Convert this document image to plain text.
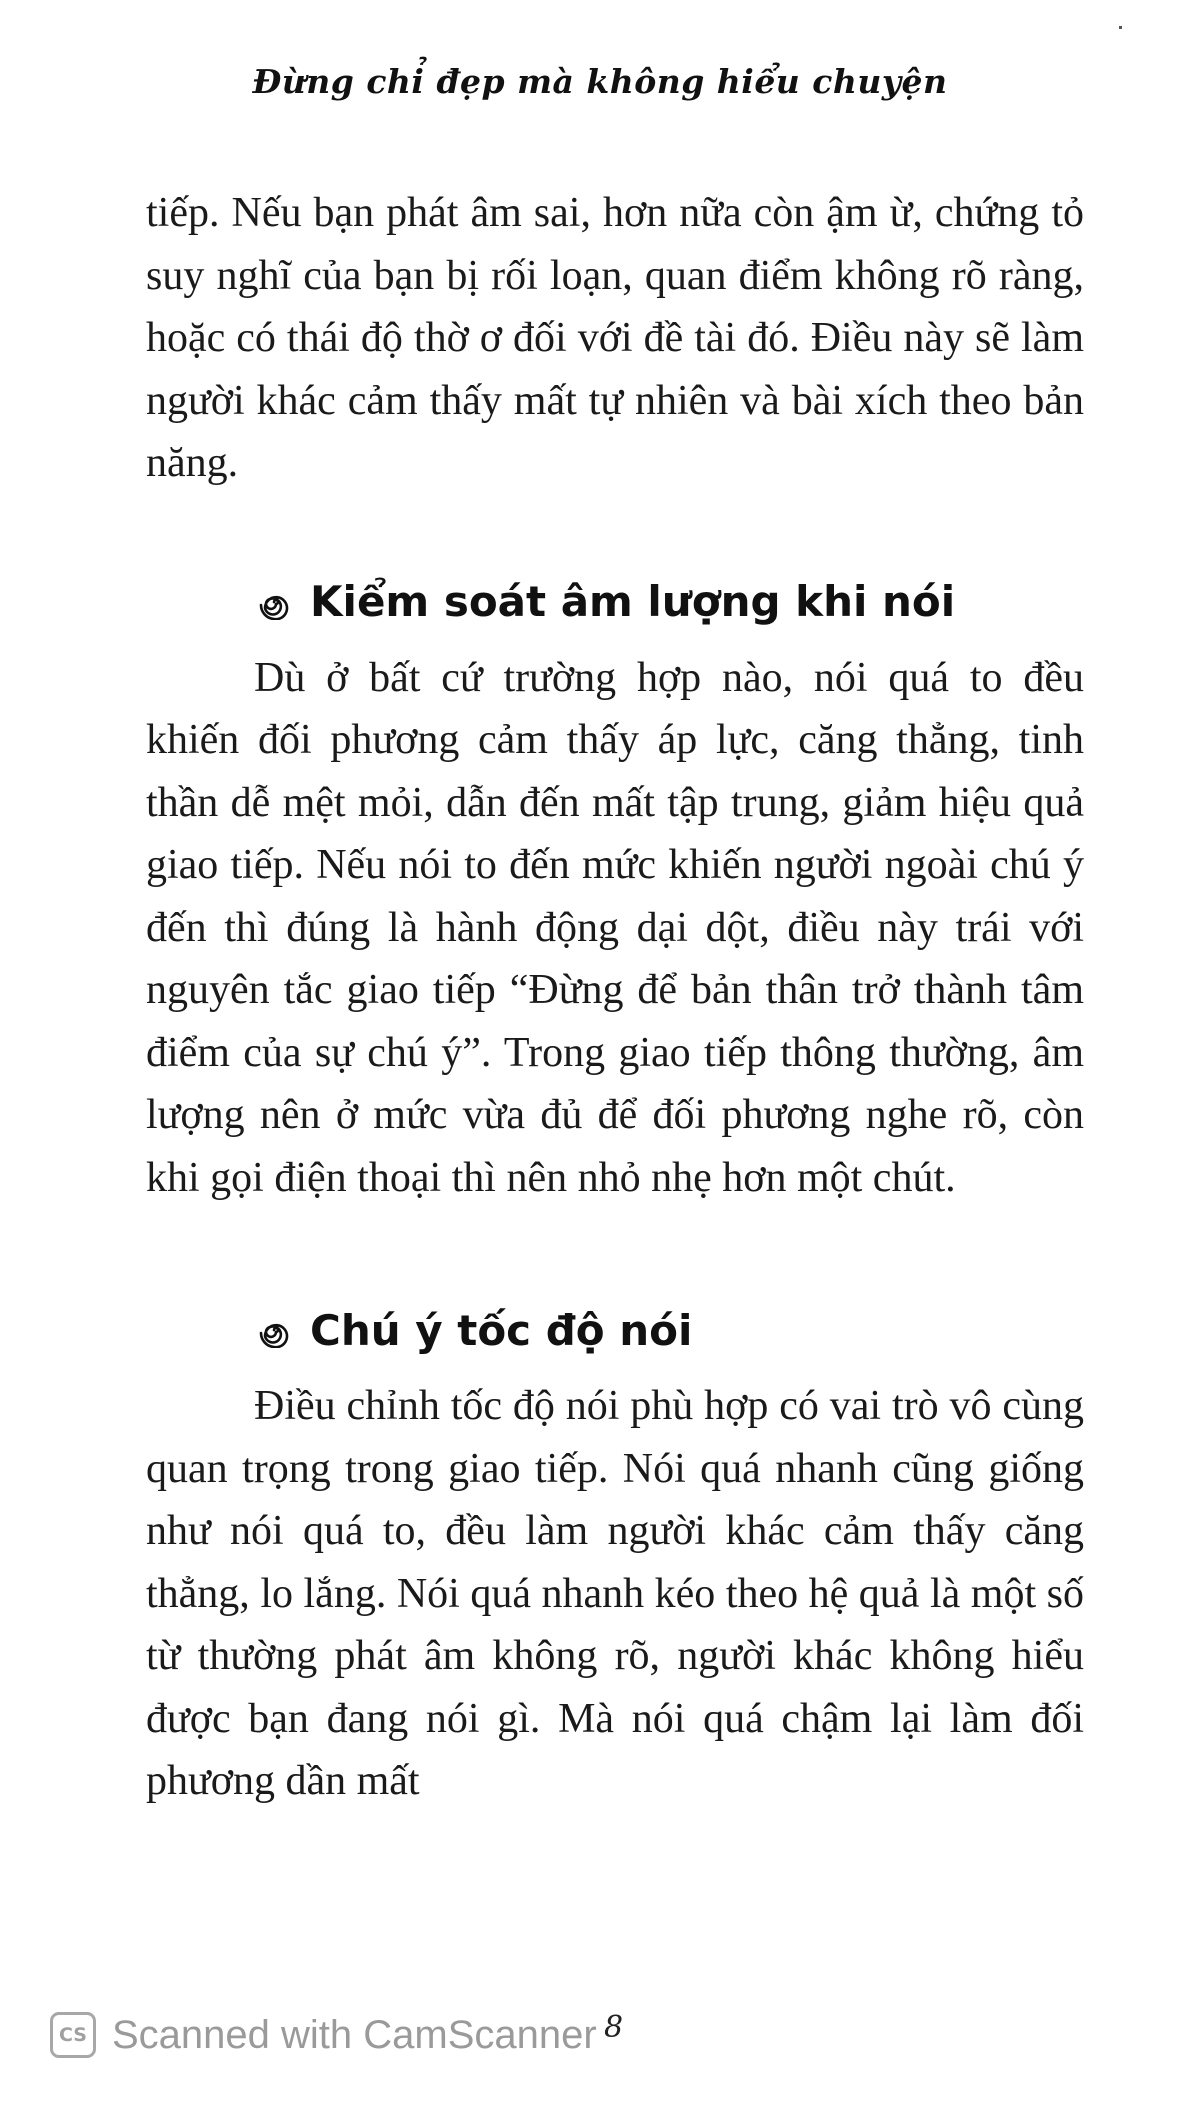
Đừng chỉ đẹp mà không hiểu chuyện

tiếp. Nếu bạn phát âm sai, hơn nữa còn ậm ừ, chứng tỏ suy nghĩ của bạn bị rối loạn, quan điểm không rõ ràng, hoặc có thái độ thờ ơ đối với đề tài đó. Điều này sẽ làm người khác cảm thấy mất tự nhiên và bài xích theo bản năng.

Kiểm soát âm lượng khi nói

Dù ở bất cứ trường hợp nào, nói quá to đều khiến đối phương cảm thấy áp lực, căng thẳng, tinh thần dễ mệt mỏi, dẫn đến mất tập trung, giảm hiệu quả giao tiếp. Nếu nói to đến mức khiến người ngoài chú ý đến thì đúng là hành động dại dột, điều này trái với nguyên tắc giao tiếp “Đừng để bản thân trở thành tâm điểm của sự chú ý”. Trong giao tiếp thông thường, âm lượng nên ở mức vừa đủ để đối phương nghe rõ, còn khi gọi điện thoại thì nên nhỏ nhẹ hơn một chút.

Chú ý tốc độ nói

Điều chỉnh tốc độ nói phù hợp có vai trò vô cùng quan trọng trong giao tiếp. Nói quá nhanh cũng giống như nói quá to, đều làm người khác cảm thấy căng thẳng, lo lắng. Nói quá nhanh kéo theo hệ quả là một số từ thường phát âm không rõ, người khác không hiểu được bạn đang nói gì. Mà nói quá chậm lại làm đối phương dần mất

CS Scanned with CamScanner 8
